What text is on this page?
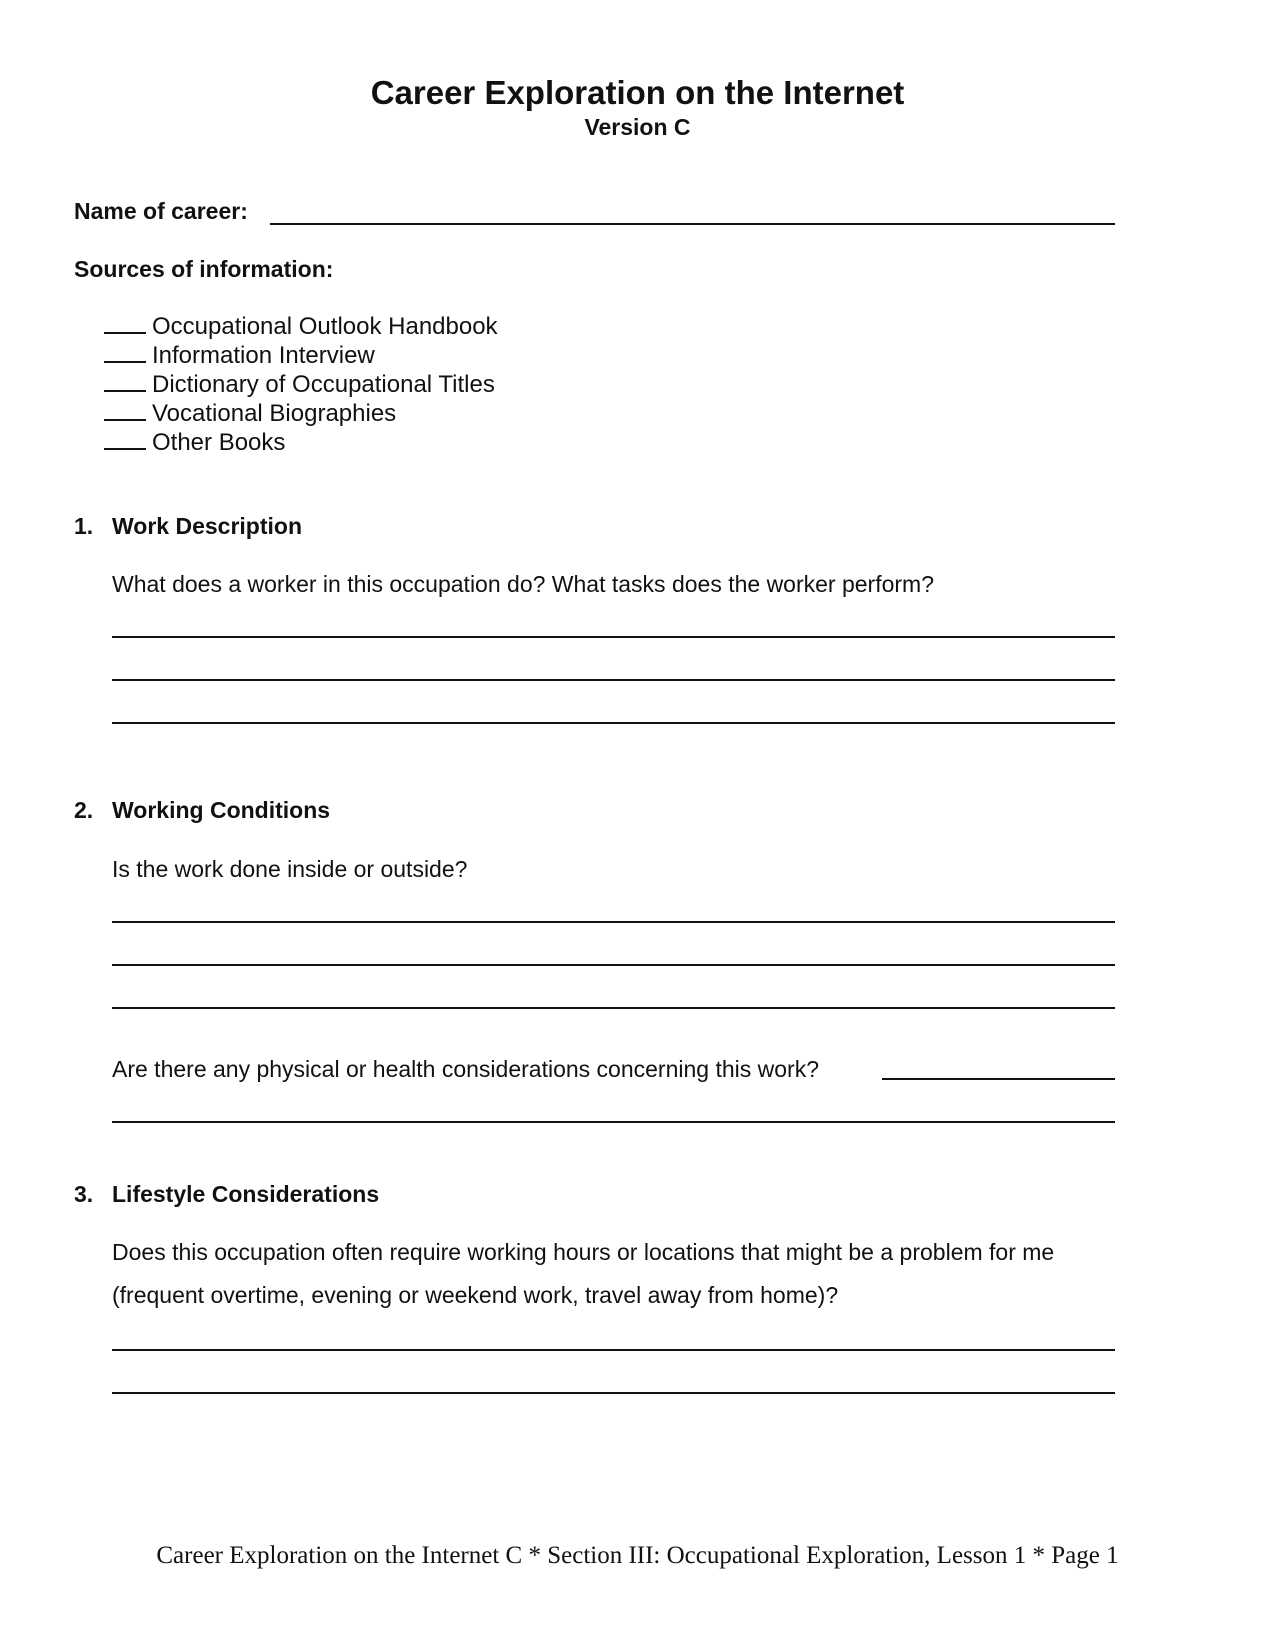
Career Exploration on the Internet
Version C
Name of career:
Sources of information:
Occupational Outlook Handbook
Information Interview
Dictionary of Occupational Titles
Vocational Biographies
Other Books
1. Work Description
What does a worker in this occupation do? What tasks does the worker perform?
2. Working Conditions
Is the work done inside or outside?
Are there any physical or health considerations concerning this work?
3. Lifestyle Considerations
Does this occupation often require working hours or locations that might be a problem for me
(frequent overtime, evening or weekend work, travel away from home)?
Career Exploration on the Internet C * Section III: Occupational Exploration, Lesson 1 * Page 1
